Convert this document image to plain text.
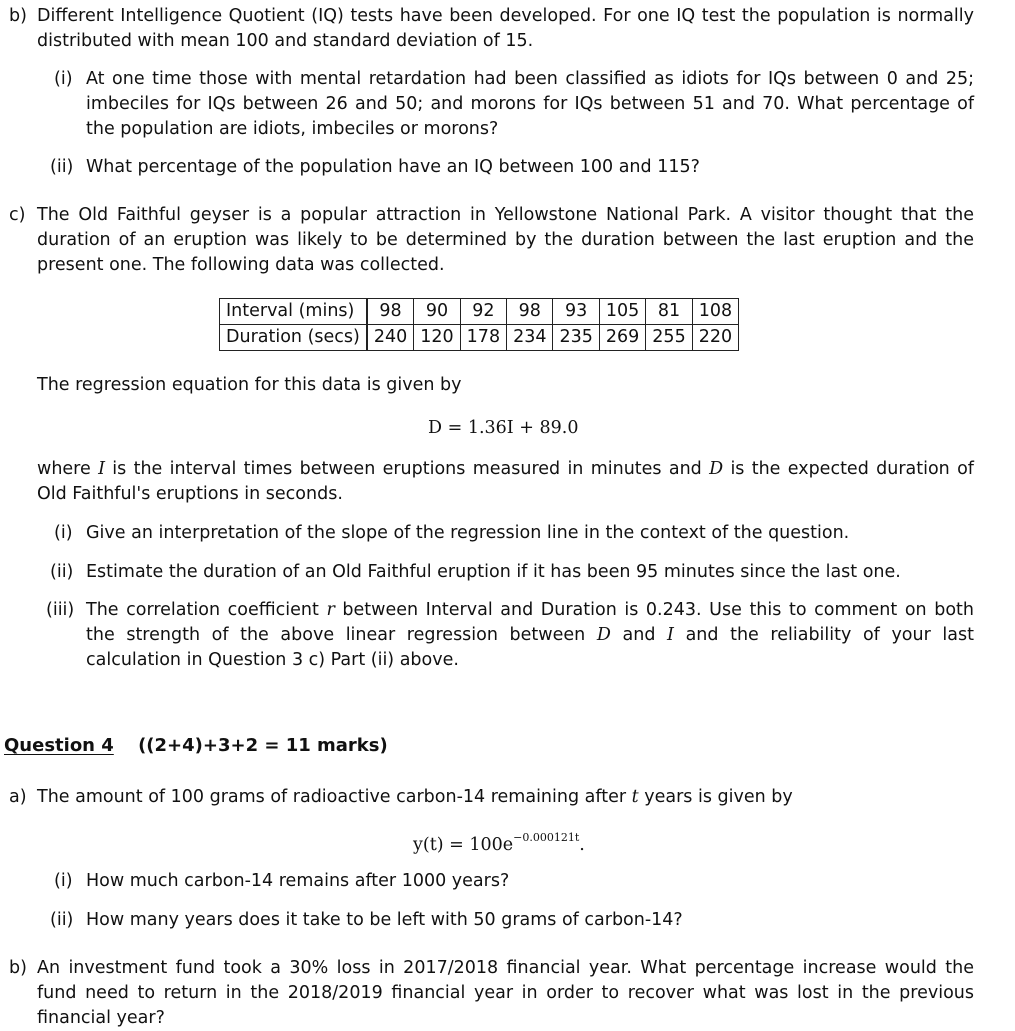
b) Different Intelligence Quotient (IQ) tests have been developed. For one IQ test the population is normally distributed with mean 100 and standard deviation of 15.
(i) At one time those with mental retardation had been classified as idiots for IQs between 0 and 25; imbeciles for IQs between 26 and 50; and morons for IQs between 51 and 70. What percentage of the population are idiots, imbeciles or morons?
(ii) What percentage of the population have an IQ between 100 and 115?
c) The Old Faithful geyser is a popular attraction in Yellowstone National Park. A visitor thought that the duration of an eruption was likely to be determined by the duration between the last eruption and the present one. The following data was collected.
Interval (mins)	98	90	92	98	93	105	81	108
Duration (secs)	240	120	178	234	235	269	255	220
The regression equation for this data is given by
D = 1.36I + 89.0
where I is the interval times between eruptions measured in minutes and D is the expected duration of Old Faithful's eruptions in seconds.
(i) Give an interpretation of the slope of the regression line in the context of the question.
(ii) Estimate the duration of an Old Faithful eruption if it has been 95 minutes since the last one.
(iii) The correlation coefficient r between Interval and Duration is 0.243. Use this to comment on both the strength of the above linear regression between D and I and the reliability of your last calculation in Question 3 c) Part (ii) above.
Question 4 ((2+4)+3+2 = 11 marks)
a) The amount of 100 grams of radioactive carbon-14 remaining after t years is given by
$y(t) = 100e^{-0.000121t}$.
(i) How much carbon-14 remains after 1000 years?
(ii) How many years does it take to be left with 50 grams of carbon-14?
b) An investment fund took a 30% loss in 2017/2018 financial year. What percentage increase would the fund need to return in the 2018/2019 financial year in order to recover what was lost in the previous financial year?
